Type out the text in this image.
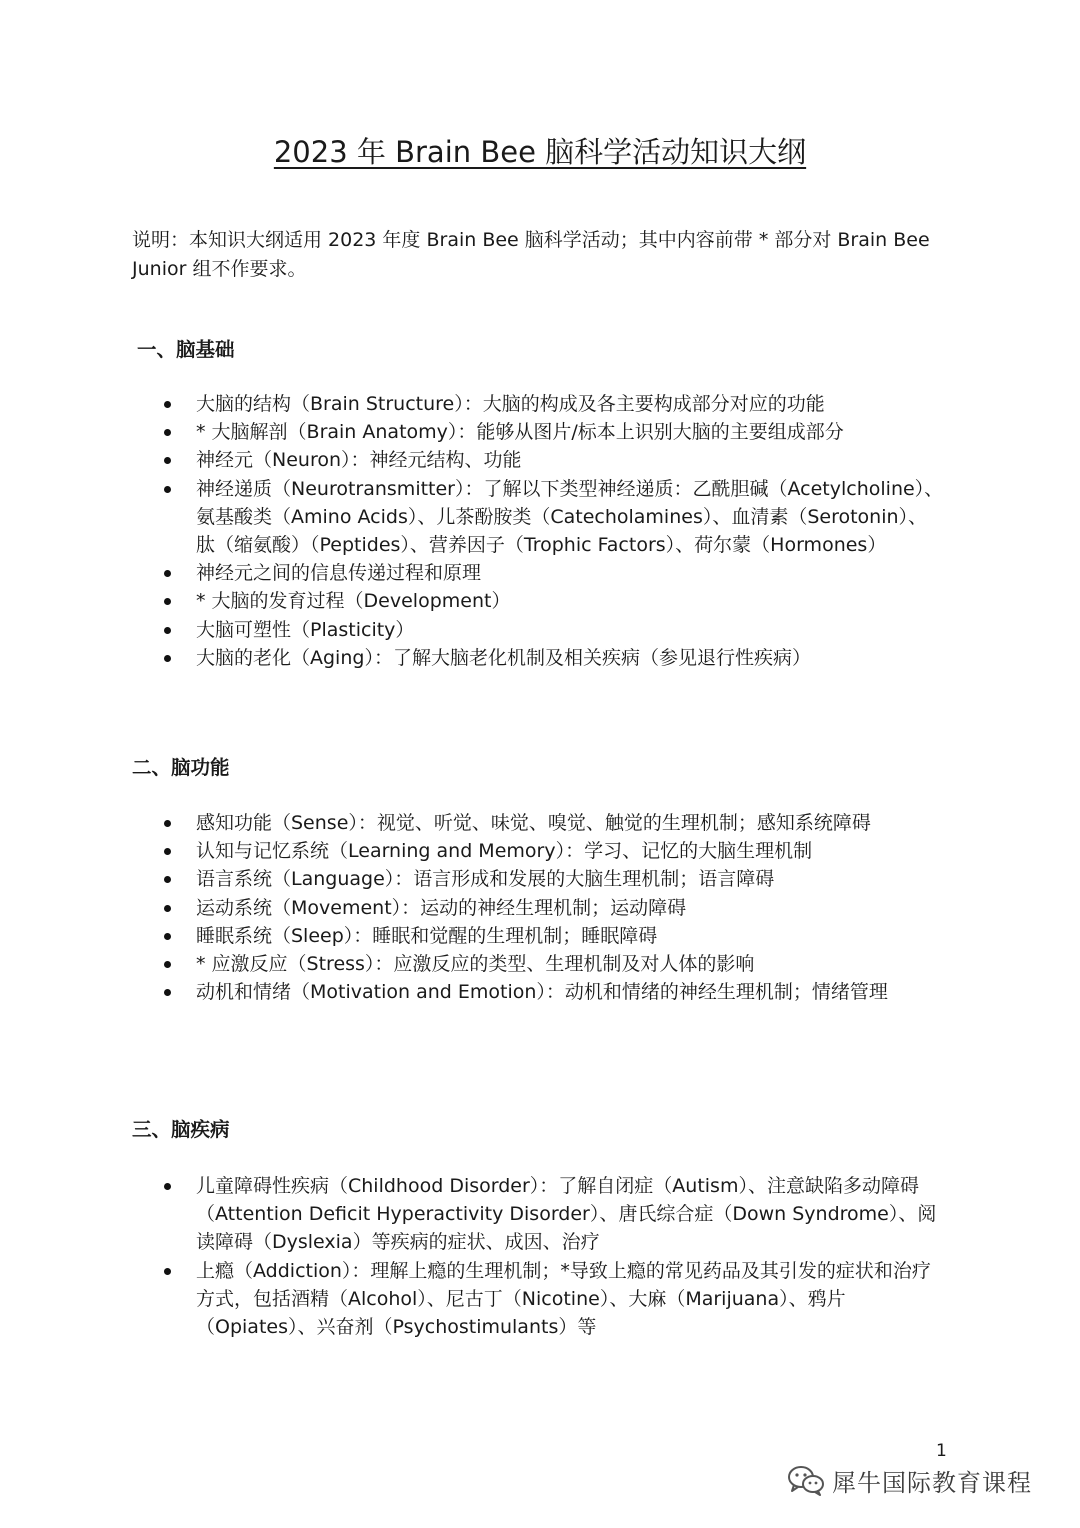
2023 年 Brain Bee 脑科学活动知识大纲

说明：本知识大纲适用 2023 年度 Brain Bee 脑科学活动；其中内容前带 * 部分对 Brain Bee Junior 组不作要求。

一、脑基础
大脑的结构（Brain Structure）：大脑的构成及各主要构成部分对应的功能
* 大脑解剖（Brain Anatomy）：能够从图片/标本上识别大脑的主要组成部分
神经元（Neuron）：神经元结构、功能
神经递质（Neurotransmitter）：了解以下类型神经递质：乙酰胆碱（Acetylcholine）、氨基酸类（Amino Acids）、儿茶酚胺类（Catecholamines）、血清素（Serotonin）、肽（缩氨酸）（Peptides）、营养因子（Trophic Factors）、荷尔蒙（Hormones）
神经元之间的信息传递过程和原理
* 大脑的发育过程（Development）
大脑可塑性（Plasticity）
大脑的老化（Aging）：了解大脑老化机制及相关疾病（参见退行性疾病）
二、脑功能
感知功能（Sense）：视觉、听觉、味觉、嗅觉、触觉的生理机制；感知系统障碍
认知与记忆系统（Learning and Memory）：学习、记忆的大脑生理机制
语言系统（Language）：语言形成和发展的大脑生理机制；语言障碍
运动系统（Movement）：运动的神经生理机制；运动障碍
睡眠系统（Sleep）：睡眠和觉醒的生理机制；睡眠障碍
* 应激反应（Stress）：应激反应的类型、生理机制及对人体的影响
动机和情绪（Motivation and Emotion）：动机和情绪的神经生理机制；情绪管理
三、脑疾病
儿童障碍性疾病（Childhood Disorder）：了解自闭症（Autism）、注意缺陷多动障碍（Attention Deficit Hyperactivity Disorder）、唐氏综合症（Down Syndrome）、阅读障碍（Dyslexia）等疾病的症状、成因、治疗
上瘾（Addiction）：理解上瘾的生理机制；*导致上瘾的常见药品及其引发的症状和治疗方式，包括酒精（Alcohol）、尼古丁（Nicotine）、大麻（Marijuana）、鸦片（Opiates）、兴奋剂（Psychostimulants）等
1
犀牛国际教育课程
